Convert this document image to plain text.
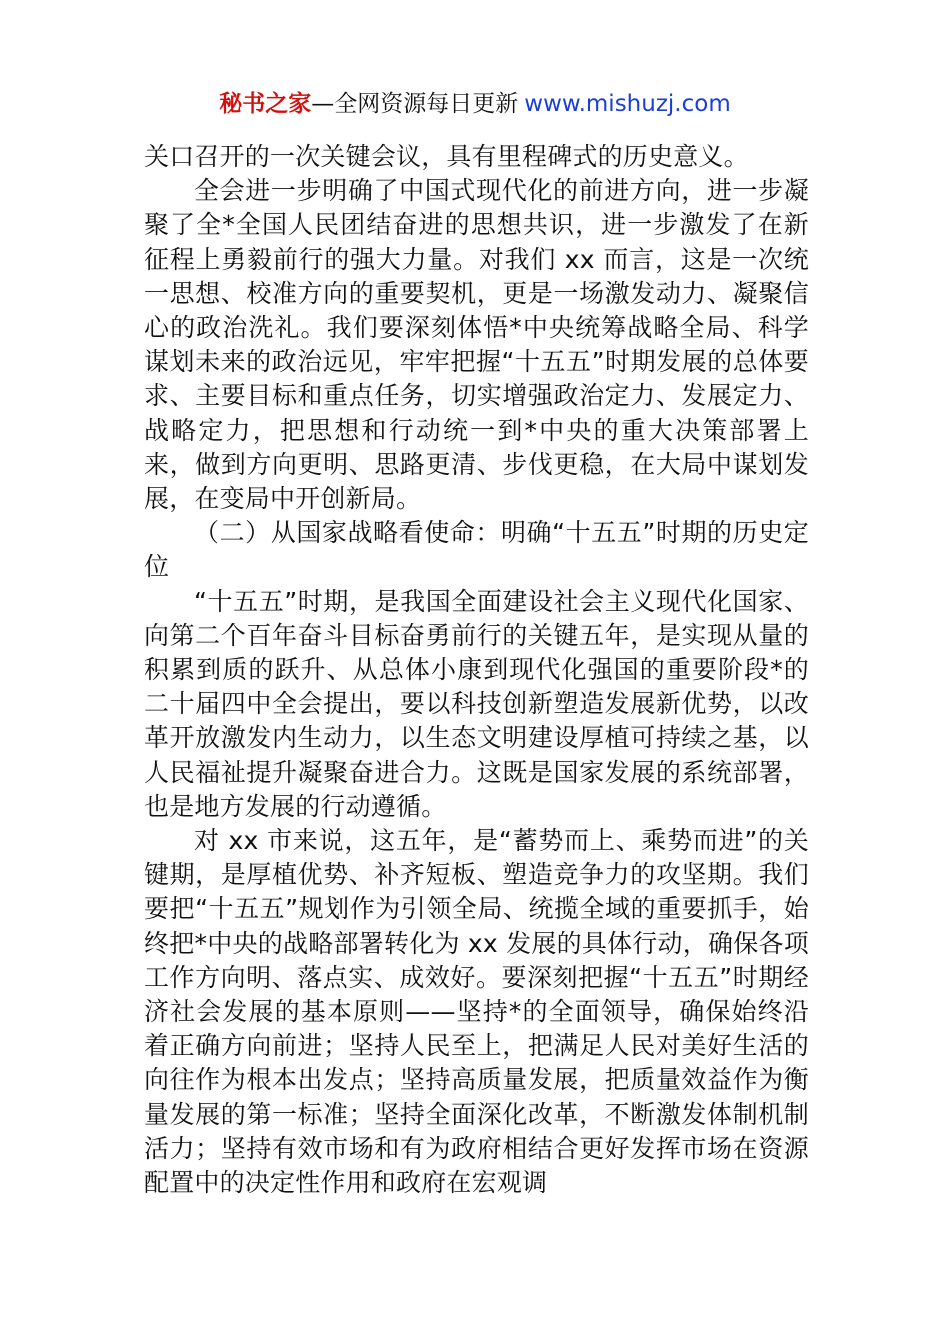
秘书之家—全网资源每日更新 www.mishuzj.com

关口召开的一次关键会议，具有里程碑式的历史意义。

全会进一步明确了中国式现代化的前进方向，进一步凝聚了全*全国人民团结奋进的思想共识，进一步激发了在新征程上勇毅前行的强大力量。对我们 xx 而言，这是一次统一思想、校准方向的重要契机，更是一场激发动力、凝聚信心的政治洗礼。我们要深刻体悟*中央统筹战略全局、科学谋划未来的政治远见，牢牢把握“十五五”时期发展的总体要求、主要目标和重点任务，切实增强政治定力、发展定力、战略定力，把思想和行动统一到*中央的重大决策部署上来，做到方向更明、思路更清、步伐更稳，在大局中谋划发展，在变局中开创新局。

（二）从国家战略看使命：明确“十五五”时期的历史定位

“十五五”时期，是我国全面建设社会主义现代化国家、向第二个百年奋斗目标奋勇前行的关键五年，是实现从量的积累到质的跃升、从总体小康到现代化强国的重要阶段*的二十届四中全会提出，要以科技创新塑造发展新优势，以改革开放激发内生动力，以生态文明建设厚植可持续之基，以人民福祉提升凝聚奋进合力。这既是国家发展的系统部署，也是地方发展的行动遵循。

对 xx 市来说，这五年，是“蓄势而上、乘势而进”的关键期，是厚植优势、补齐短板、塑造竞争力的攻坚期。我们要把“十五五”规划作为引领全局、统揽全域的重要抓手，始终把*中央的战略部署转化为 xx 发展的具体行动，确保各项工作方向明、落点实、成效好。要深刻把握“十五五”时期经济社会发展的基本原则——坚持*的全面领导，确保始终沿着正确方向前进；坚持人民至上，把满足人民对美好生活的向往作为根本出发点；坚持高质量发展，把质量效益作为衡量发展的第一标准；坚持全面深化改革，不断激发体制机制活力；坚持有效市场和有为政府相结合更好发挥市场在资源配置中的决定性作用和政府在宏观调
